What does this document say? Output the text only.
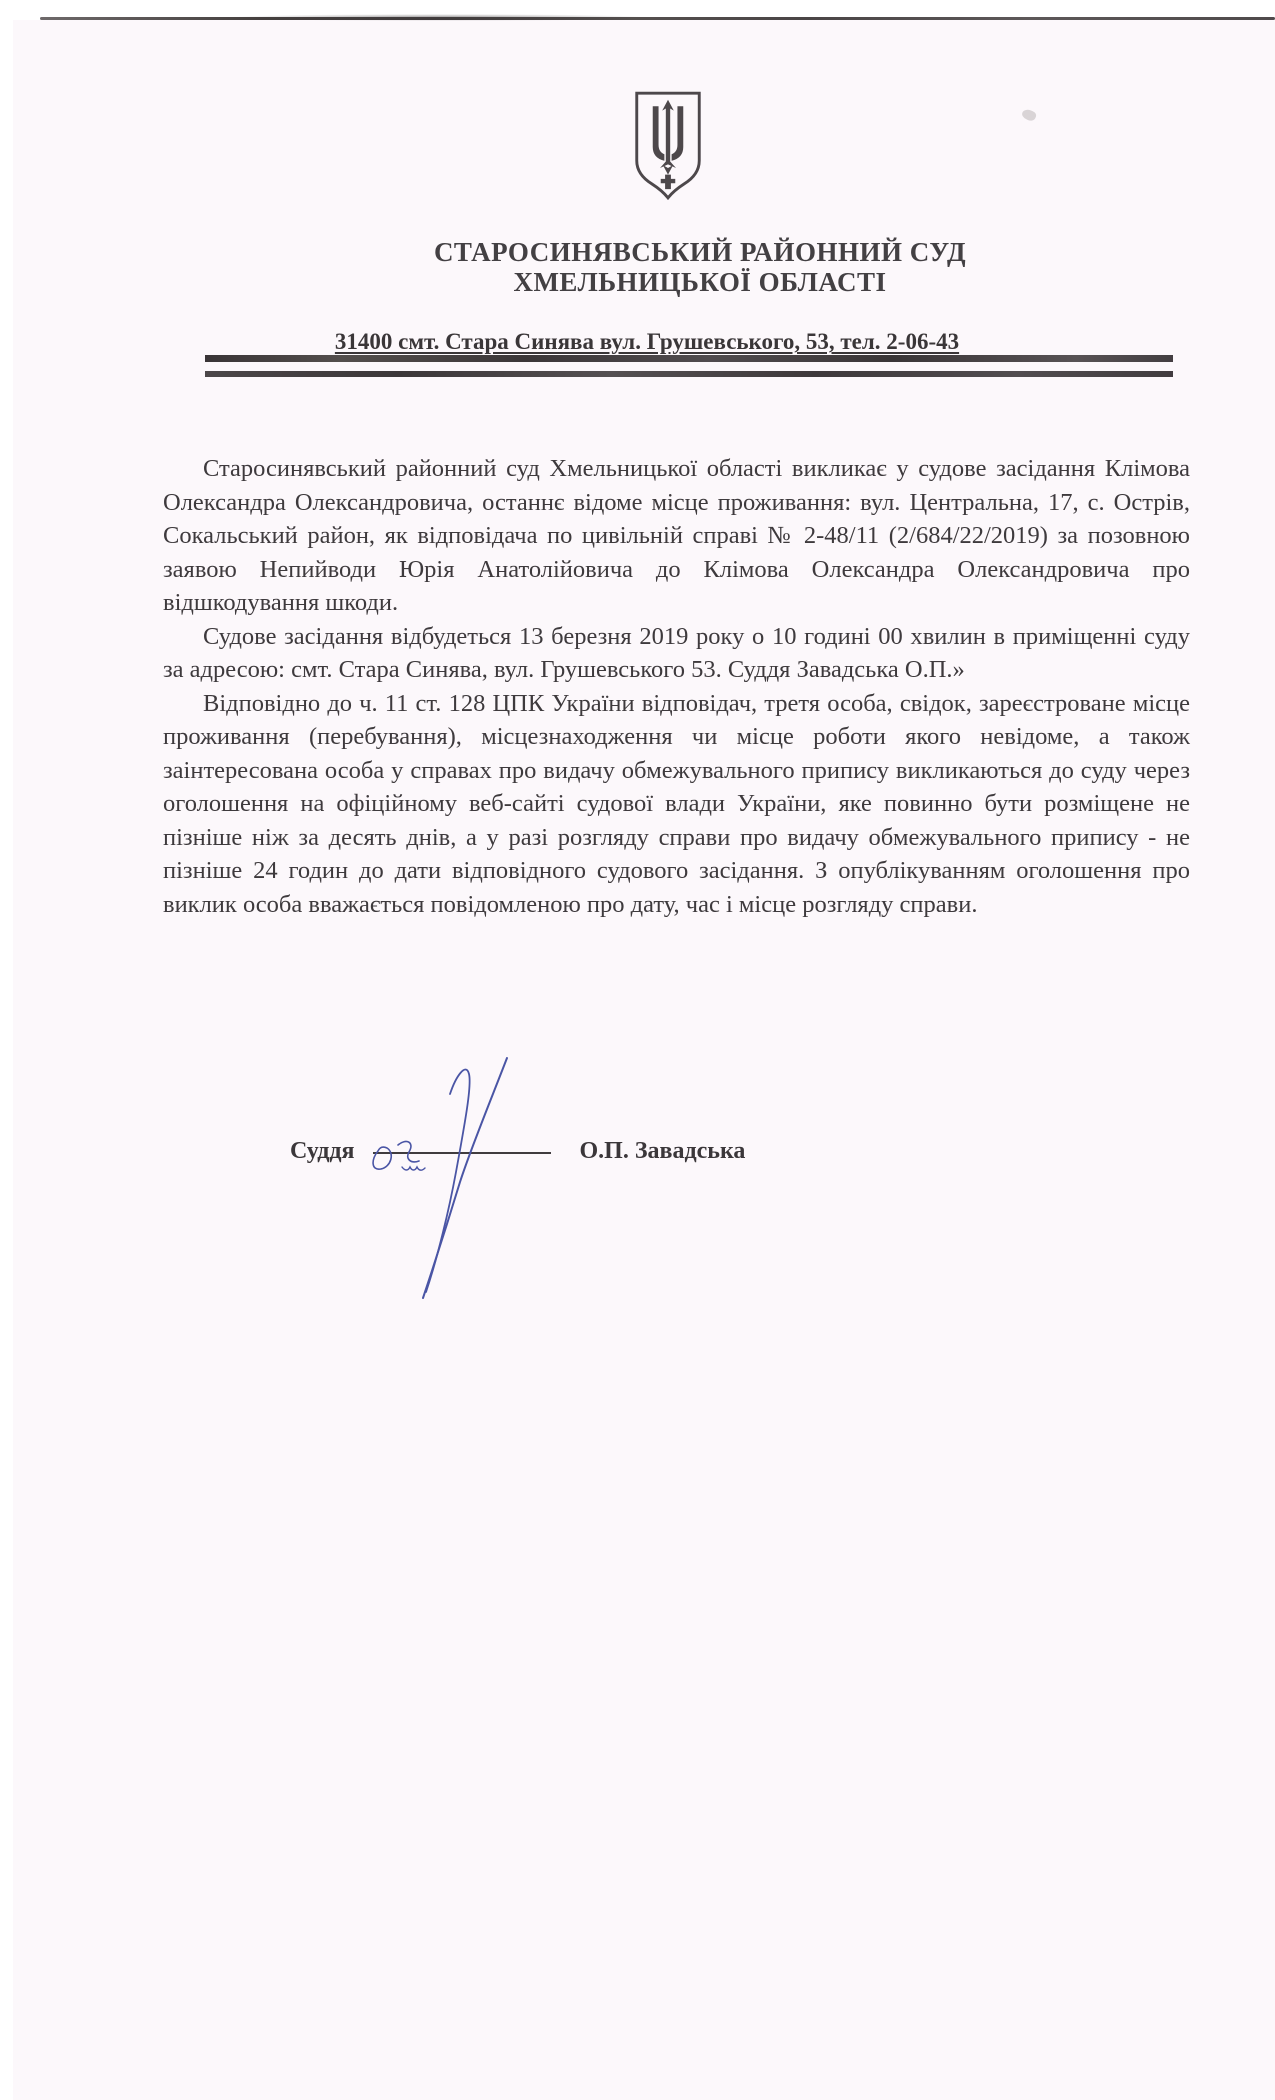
СТАРОСИНЯВСЬКИЙ РАЙОННИЙ СУД
ХМЕЛЬНИЦЬКОЇ ОБЛАСТІ
31400 смт. Стара Синява вул. Грушевського, 53, тел. 2-06-43

Старосинявський районний суд Хмельницької області викликає у судове засідання Клімова Олександра Олександровича, останнє відоме місце проживання: вул. Центральна, 17, с. Острів, Сокальський район, як відповідача по цивільній справі № 2-48/11 (2/684/22/2019) за позовною заявою Непийводи Юрія Анатолійовича до Клімова Олександра Олександровича про відшкодування шкоди.

Судове засідання відбудеться 13 березня 2019 року о 10 годині 00 хвилин в приміщенні суду за адресою: смт. Стара Синява, вул. Грушевського 53. Суддя Завадська О.П.»

Відповідно до ч. 11 ст. 128 ЦПК України відповідач, третя особа, свідок, зареєстроване місце проживання (перебування), місцезнаходження чи місце роботи якого невідоме, а також заінтересована особа у справах про видачу обмежувального припису викликаються до суду через оголошення на офіційному веб-сайті судової влади України, яке повинно бути розміщене не пізніше ніж за десять днів, а у разі розгляду справи про видачу обмежувального припису - не пізніше 24 годин до дати відповідного судового засідання. З опублікуванням оголошення про виклик особа вважається повідомленою про дату, час і місце розгляду справи.

Суддя	О.П. Завадська
